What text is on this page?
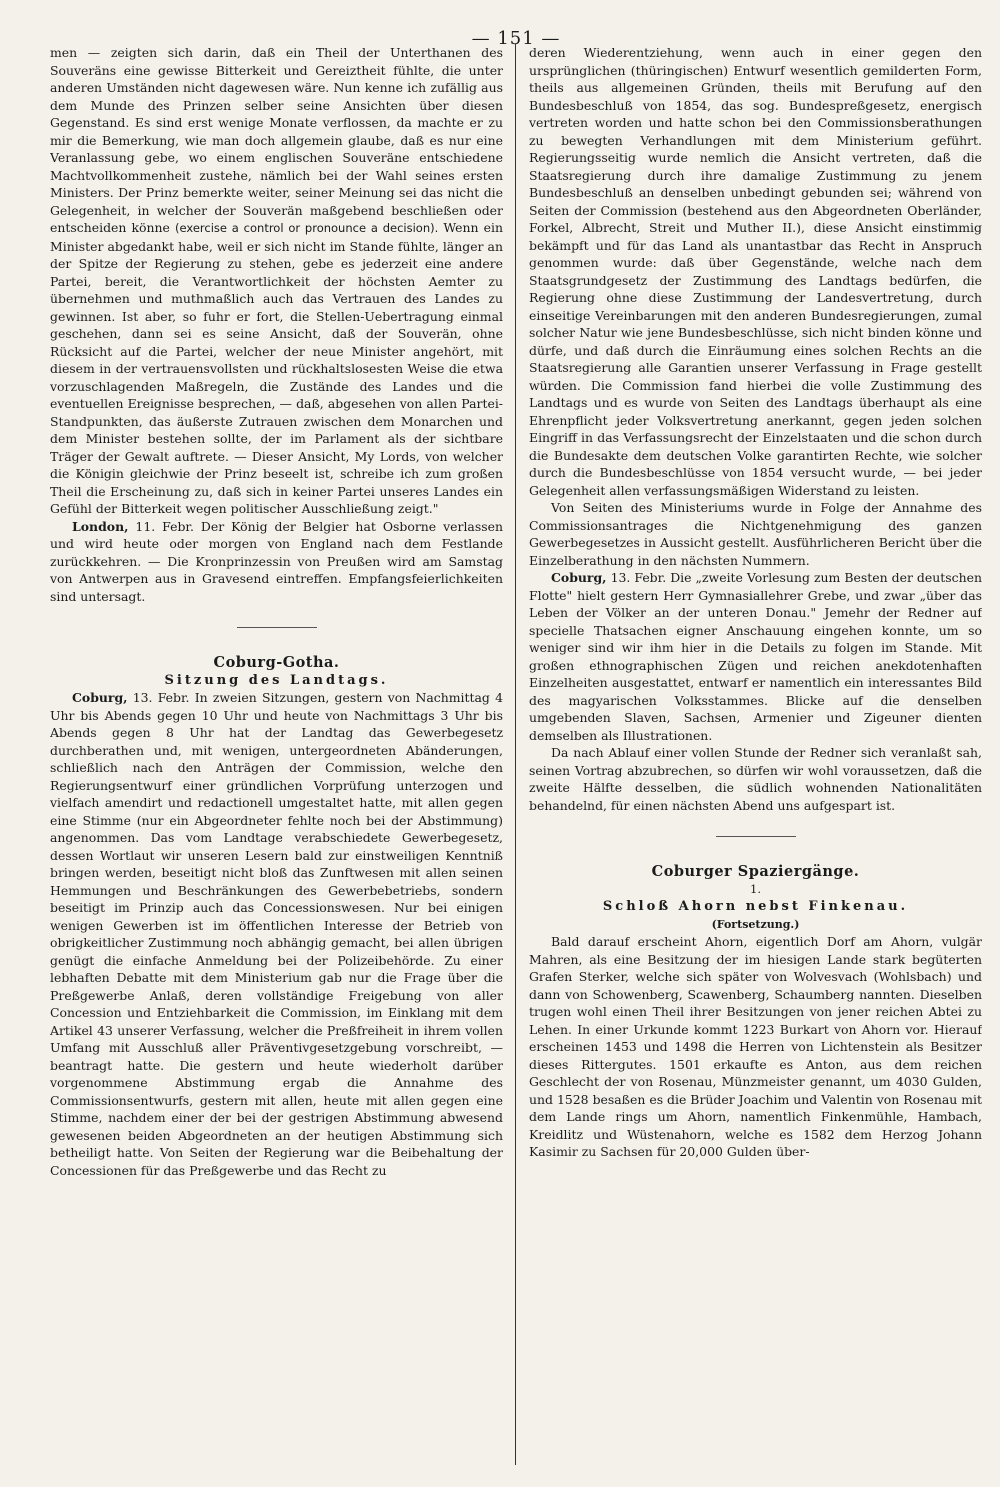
— 151 —

men — zeigten sich darin, daß ein Theil der Unterthanen des Souveräns eine gewisse Bitterkeit und Gereiztheit fühlte, die unter anderen Umständen nicht dagewesen wäre. Nun kenne ich zufällig aus dem Munde des Prinzen selber seine Ansichten über diesen Gegenstand. Es sind erst wenige Monate verflossen, da machte er zu mir die Bemerkung, wie man doch allgemein glaube, daß es nur eine Veranlassung gebe, wo einem englischen Souveräne entschiedene Machtvollkommenheit zustehe, nämlich bei der Wahl seines ersten Ministers. Der Prinz bemerkte weiter, seiner Meinung sei das nicht die Gelegenheit, in welcher der Souverän maßgebend beschließen oder entscheiden könne (exercise a control or pronounce a decision). Wenn ein Minister abgedankt habe, weil er sich nicht im Stande fühlte, länger an der Spitze der Regierung zu stehen, gebe es jederzeit eine andere Partei, bereit, die Verantwortlichkeit der höchsten Aemter zu übernehmen und muthmaßlich auch das Vertrauen des Landes zu gewinnen. Ist aber, so fuhr er fort, die Stellen-Uebertragung einmal geschehen, dann sei es seine Ansicht, daß der Souverän, ohne Rücksicht auf die Partei, welcher der neue Minister angehört, mit diesem in der vertrauensvollsten und rückhaltslosesten Weise die etwa vorzuschlagenden Maßregeln, die Zustände des Landes und die eventuellen Ereignisse besprechen, — daß, abgesehen von allen Partei-Standpunkten, das äußerste Zutrauen zwischen dem Monarchen und dem Minister bestehen sollte, der im Parlament als der sichtbare Träger der Gewalt auftrete. — Dieser Ansicht, My Lords, von welcher die Königin gleichwie der Prinz beseelt ist, schreibe ich zum großen Theil die Erscheinung zu, daß sich in keiner Partei unseres Landes ein Gefühl der Bitterkeit wegen politischer Ausschließung zeigt."

London, 11. Febr. Der König der Belgier hat Osborne verlassen und wird heute oder morgen von England nach dem Festlande zurückkehren. — Die Kronprinzessin von Preußen wird am Samstag von Antwerpen aus in Gravesend eintreffen. Empfangsfeierlichkeiten sind untersagt.

Coburg-Gotha.

Sitzung des Landtags.

Coburg, 13. Febr. In zweien Sitzungen, gestern von Nachmittag 4 Uhr bis Abends gegen 10 Uhr und heute von Nachmittags 3 Uhr bis Abends gegen 8 Uhr hat der Landtag das Gewerbegesetz durchberathen und, mit wenigen, untergeordneten Abänderungen, schließlich nach den Anträgen der Commission, welche den Regierungsentwurf einer gründlichen Vorprüfung unterzogen und vielfach amendirt und redactionell umgestaltet hatte, mit allen gegen eine Stimme (nur ein Abgeordneter fehlte noch bei der Abstimmung) angenommen. Das vom Landtage verabschiedete Gewerbegesetz, dessen Wortlaut wir unseren Lesern bald zur einstweiligen Kenntniß bringen werden, beseitigt nicht bloß das Zunftwesen mit allen seinen Hemmungen und Beschränkungen des Gewerbebetriebs, sondern beseitigt im Prinzip auch das Concessionswesen. Nur bei einigen wenigen Gewerben ist im öffentlichen Interesse der Betrieb von obrigkeitlicher Zustimmung noch abhängig gemacht, bei allen übrigen genügt die einfache Anmeldung bei der Polizeibehörde. Zu einer lebhaften Debatte mit dem Ministerium gab nur die Frage über die Preßgewerbe Anlaß, deren vollständige Freigebung von aller Concession und Entziehbarkeit die Commission, im Einklang mit dem Artikel 43 unserer Verfassung, welcher die Preßfreiheit in ihrem vollen Umfang mit Ausschluß aller Präventivgesetzgebung vorschreibt, — beantragt hatte. Die gestern und heute wiederholt darüber vorgenommene Abstimmung ergab die Annahme des Commissionsentwurfs, gestern mit allen, heute mit allen gegen eine Stimme, nachdem einer der bei der gestrigen Abstimmung abwesend gewesenen beiden Abgeordneten an der heutigen Abstimmung sich betheiligt hatte. Von Seiten der Regierung war die Beibehaltung der Concessionen für das Preßgewerbe und das Recht zu

deren Wiederentziehung, wenn auch in einer gegen den ursprünglichen (thüringischen) Entwurf wesentlich gemilderten Form, theils aus allgemeinen Gründen, theils mit Berufung auf den Bundesbeschluß von 1854, das sog. Bundespreßgesetz, energisch vertreten worden und hatte schon bei den Commissionsberathungen zu bewegten Verhandlungen mit dem Ministerium geführt. Regierungsseitig wurde nemlich die Ansicht vertreten, daß die Staatsregierung durch ihre damalige Zustimmung zu jenem Bundesbeschluß an denselben unbedingt gebunden sei; während von Seiten der Commission (bestehend aus den Abgeordneten Oberländer, Forkel, Albrecht, Streit und Muther II.), diese Ansicht einstimmig bekämpft und für das Land als unantastbar das Recht in Anspruch genommen wurde: daß über Gegenstände, welche nach dem Staatsgrundgesetz der Zustimmung des Landtags bedürfen, die Regierung ohne diese Zustimmung der Landesvertretung, durch einseitige Vereinbarungen mit den anderen Bundesregierungen, zumal solcher Natur wie jene Bundesbeschlüsse, sich nicht binden könne und dürfe, und daß durch die Einräumung eines solchen Rechts an die Staatsregierung alle Garantien unserer Verfassung in Frage gestellt würden. Die Commission fand hierbei die volle Zustimmung des Landtags und es wurde von Seiten des Landtags überhaupt als eine Ehrenpflicht jeder Volksvertretung anerkannt, gegen jeden solchen Eingriff in das Verfassungsrecht der Einzelstaaten und die schon durch die Bundesakte dem deutschen Volke garantirten Rechte, wie solcher durch die Bundesbeschlüsse von 1854 versucht wurde, — bei jeder Gelegenheit allen verfassungsmäßigen Widerstand zu leisten.

Von Seiten des Ministeriums wurde in Folge der Annahme des Commissionsantrages die Nichtgenehmigung des ganzen Gewerbegesetzes in Aussicht gestellt. Ausführlicheren Bericht über die Einzelberathung in den nächsten Nummern.

Coburg, 13. Febr. Die „zweite Vorlesung zum Besten der deutschen Flotte" hielt gestern Herr Gymnasiallehrer Grebe, und zwar „über das Leben der Völker an der unteren Donau." Jemehr der Redner auf specielle Thatsachen eigner Anschauung eingehen konnte, um so weniger sind wir ihm hier in die Details zu folgen im Stande. Mit großen ethnographischen Zügen und reichen anekdotenhaften Einzelheiten ausgestattet, entwarf er namentlich ein interessantes Bild des magyarischen Volksstammes. Blicke auf die denselben umgebenden Slaven, Sachsen, Armenier und Zigeuner dienten demselben als Illustrationen.

Da nach Ablauf einer vollen Stunde der Redner sich veranlaßt sah, seinen Vortrag abzubrechen, so dürfen wir wohl voraussetzen, daß die zweite Hälfte desselben, die südlich wohnenden Nationalitäten behandelnd, für einen nächsten Abend uns aufgespart ist.

Coburger Spaziergänge.

1.

Schloß Ahorn nebst Finkenau.

(Fortsetzung.)

Bald darauf erscheint Ahorn, eigentlich Dorf am Ahorn, vulgär Mahren, als eine Besitzung der im hiesigen Lande stark begüterten Grafen Sterker, welche sich später von Wolvesvach (Wohlsbach) und dann von Schowenberg, Scawenberg, Schaumberg nannten. Dieselben trugen wohl einen Theil ihrer Besitzungen von jener reichen Abtei zu Lehen. In einer Urkunde kommt 1223 Burkart von Ahorn vor. Hierauf erscheinen 1453 und 1498 die Herren von Lichtenstein als Besitzer dieses Rittergutes. 1501 erkaufte es Anton, aus dem reichen Geschlecht der von Rosenau, Münzmeister genannt, um 4030 Gulden, und 1528 besaßen es die Brüder Joachim und Valentin von Rosenau mit dem Lande rings um Ahorn, namentlich Finkenmühle, Hambach, Kreidlitz und Wüstenahorn, welche es 1582 dem Herzog Johann Kasimir zu Sachsen für 20,000 Gulden über-
